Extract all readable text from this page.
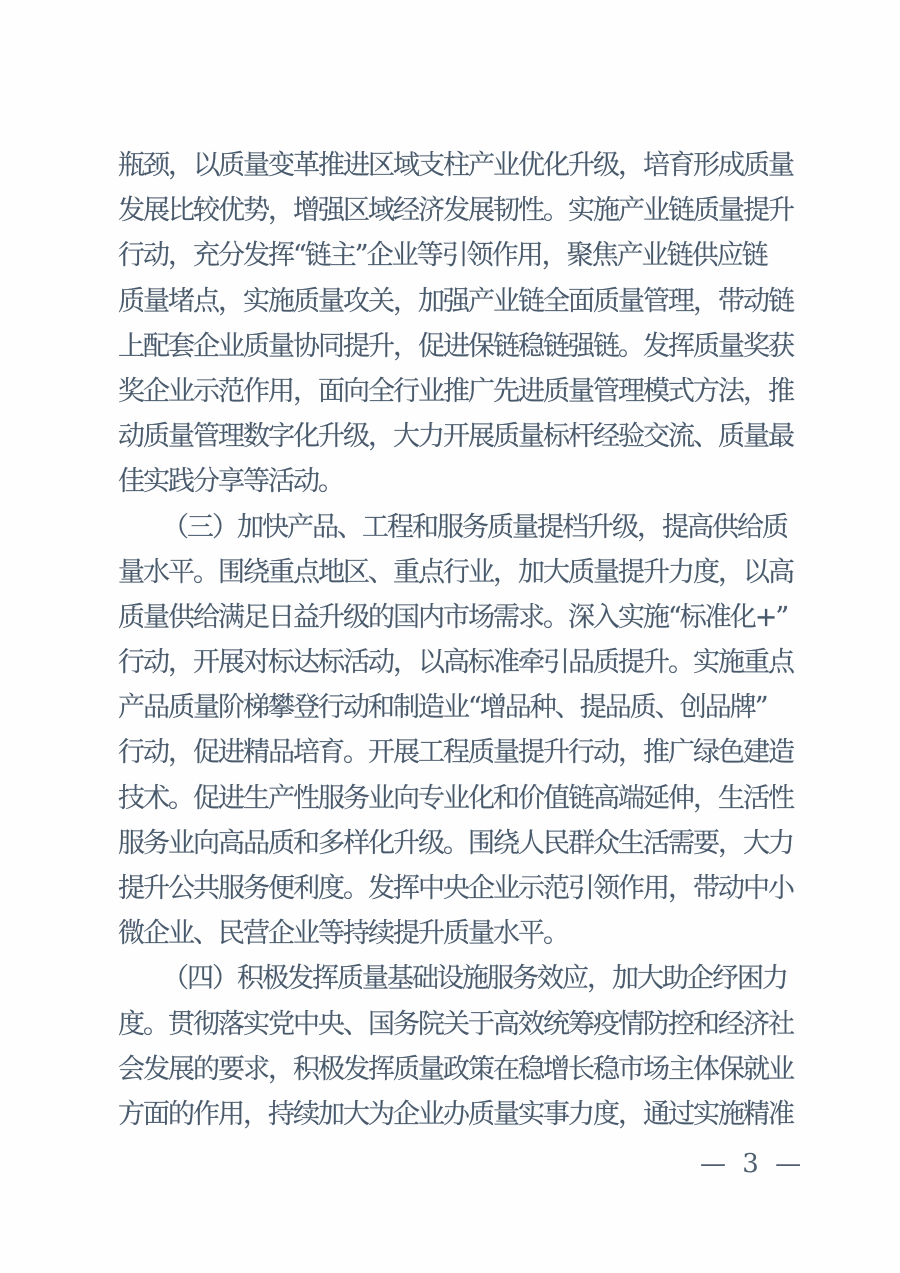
瓶颈，以质量变革推进区域支柱产业优化升级，培育形成质量
发展比较优势，增强区域经济发展韧性。实施产业链质量提升
行动，充分发挥“链主”企业等引领作用，聚焦产业链供应链
质量堵点，实施质量攻关，加强产业链全面质量管理，带动链
上配套企业质量协同提升，促进保链稳链强链。发挥质量奖获
奖企业示范作用，面向全行业推广先进质量管理模式方法，推
动质量管理数字化升级，大力开展质量标杆经验交流、质量最
佳实践分享等活动。
（三）加快产品、工程和服务质量提档升级，提高供给质
量水平。围绕重点地区、重点行业，加大质量提升力度，以高
质量供给满足日益升级的国内市场需求。深入实施“标准化+”
行动，开展对标达标活动，以高标准牵引品质提升。实施重点
产品质量阶梯攀登行动和制造业“增品种、提品质、创品牌”
行动，促进精品培育。开展工程质量提升行动，推广绿色建造
技术。促进生产性服务业向专业化和价值链高端延伸，生活性
服务业向高品质和多样化升级。围绕人民群众生活需要，大力
提升公共服务便利度。发挥中央企业示范引领作用，带动中小
微企业、民营企业等持续提升质量水平。
（四）积极发挥质量基础设施服务效应，加大助企纾困力
度。贯彻落实党中央、国务院关于高效统筹疫情防控和经济社
会发展的要求，积极发挥质量政策在稳增长稳市场主体保就业
方面的作用，持续加大为企业办质量实事力度，通过实施精准
— 3 —
